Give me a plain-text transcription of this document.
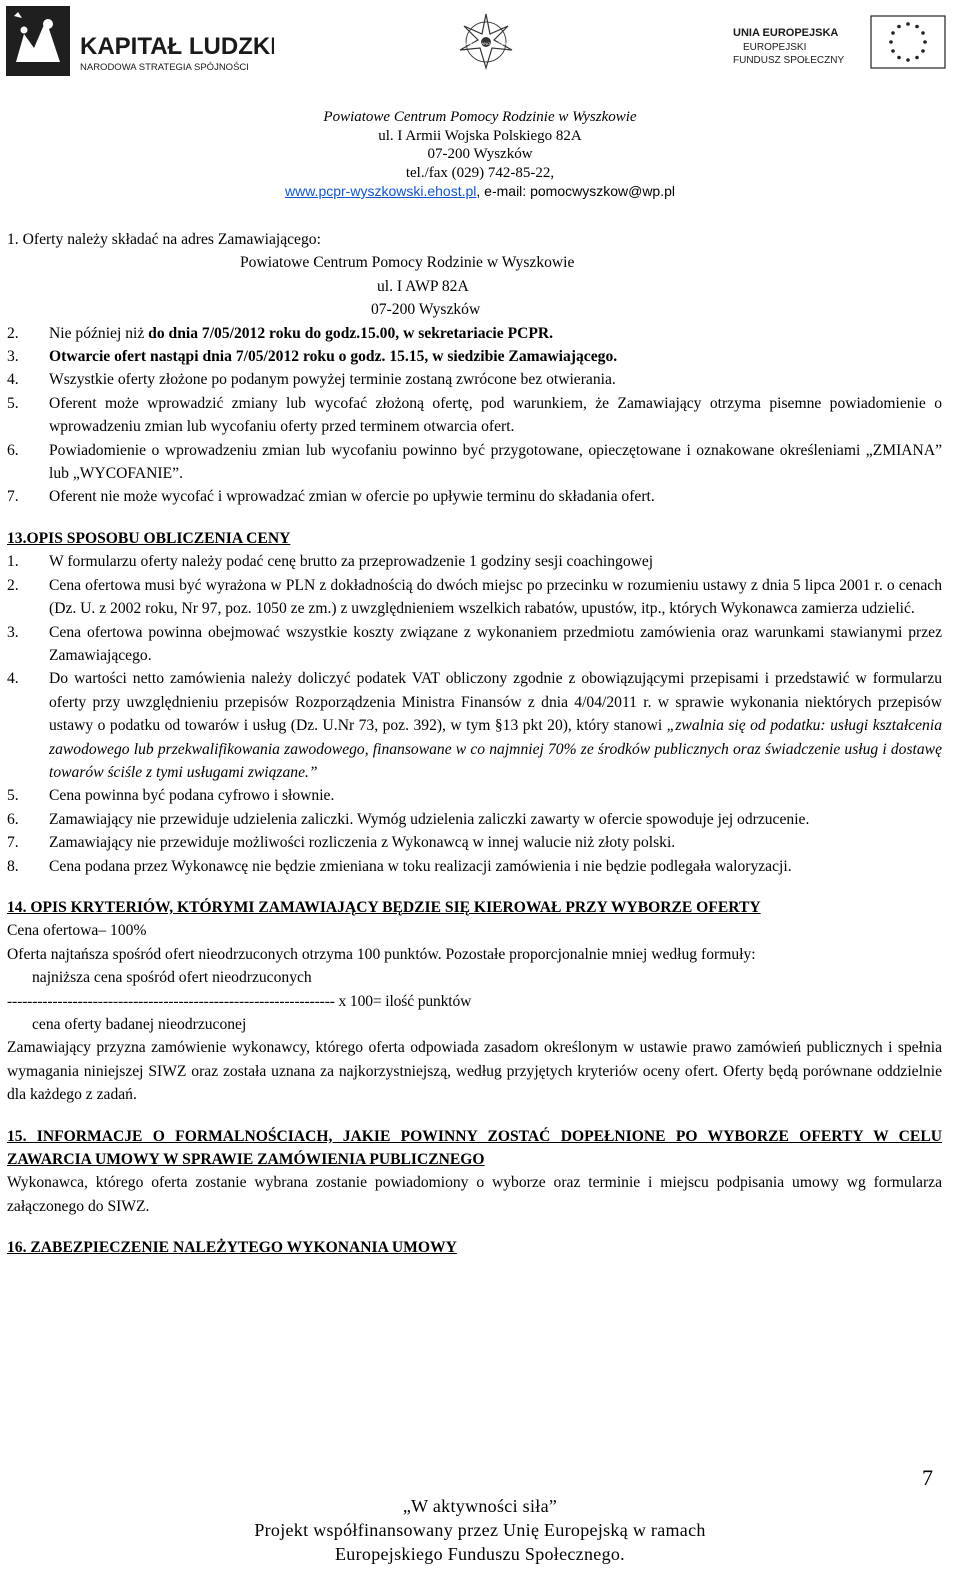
KAPITAŁ LUDZKI
NARODOWA STRATEGIA SPÓJNOŚCI
W AKTYWNOŚCI SIŁA
UNIA EUROPEJSKA
EUROPEJSKI
FUNDUSZ SPOŁECZNY
Powiatowe Centrum Pomocy Rodzinie w Wyszkowie
ul. I Armii Wojska Polskiego 82A
07-200 Wyszków
tel./fax (029) 742-85-22,
www.pcpr-wyszkowski.ehost.pl, e-mail: pomocwyszkow@wp.pl
1. Oferty należy składać na adres Zamawiającego:
Powiatowe Centrum Pomocy Rodzinie w Wyszkowie
ul. I AWP 82A
07-200 Wyszków
2.	Nie później niż do dnia 7/05/2012 roku do godz.15.00, w sekretariacie PCPR.
3.	Otwarcie ofert nastąpi dnia 7/05/2012 roku o godz. 15.15, w siedzibie Zamawiającego.
4.	Wszystkie oferty złożone po podanym powyżej terminie zostaną zwrócone bez otwierania.
5.	Oferent może wprowadzić zmiany lub wycofać złożoną ofertę, pod warunkiem, że Zamawiający otrzyma pisemne powiadomienie o wprowadzeniu zmian lub wycofaniu oferty przed terminem otwarcia ofert.
6.	Powiadomienie o wprowadzeniu zmian lub wycofaniu powinno być przygotowane, opieczętowane i oznakowane określeniami „ZMIANA” lub „WYCOFANIE”.
7.	Oferent nie może wycofać i wprowadzać zmian w ofercie po upływie terminu do składania ofert.
13.OPIS SPOSOBU OBLICZENIA CENY
1.	W formularzu oferty należy podać cenę brutto za przeprowadzenie 1 godziny sesji coachingowej
2.	Cena ofertowa musi być wyrażona w PLN z dokładnością do dwóch miejsc po przecinku w rozumieniu ustawy z dnia 5 lipca 2001 r. o cenach (Dz. U. z 2002 roku, Nr 97, poz. 1050 ze zm.) z uwzględnieniem wszelkich rabatów, upustów, itp., których Wykonawca zamierza udzielić.
3.	Cena ofertowa powinna obejmować wszystkie koszty związane z wykonaniem przedmiotu zamówienia oraz warunkami stawianymi przez Zamawiającego.
4.	Do wartości netto zamówienia należy doliczyć podatek VAT obliczony zgodnie z obowiązującymi przepisami i przedstawić w formularzu oferty przy uwzględnieniu przepisów Rozporządzenia Ministra Finansów z dnia 4/04/2011 r. w sprawie wykonania niektórych przepisów ustawy o podatku od towarów i usług (Dz. U.Nr 73, poz. 392), w tym §13 pkt 20), który stanowi „zwalnia się od podatku: usługi kształcenia zawodowego lub przekwalifikowania zawodowego, finansowane w co najmniej 70% ze środków publicznych oraz świadczenie usług i dostawę towarów ściśle z tymi usługami związane.”
5.	Cena powinna być podana cyfrowo i słownie.
6.	Zamawiający nie przewiduje udzielenia zaliczki. Wymóg udzielenia zaliczki zawarty w ofercie spowoduje jej odrzucenie.
7.	Zamawiający nie przewiduje możliwości rozliczenia z Wykonawcą w innej walucie niż złoty polski.
8.	Cena podana przez Wykonawcę nie będzie zmieniana w toku realizacji zamówienia i nie będzie podlegała waloryzacji.
14. OPIS KRYTERIÓW, KTÓRYMI ZAMAWIAJĄCY BĘDZIE SIĘ KIEROWAŁ PRZY WYBORZE OFERTY
Cena ofertowa– 100%
Oferta najtańsza spośród ofert nieodrzuconych otrzyma 100 punktów. Pozostałe proporcjonalnie mniej według formuły:
najniższa cena spośród ofert nieodrzuconych
----------------------------------------------------------------- x 100= ilość punktów
cena oferty badanej nieodrzuconej
Zamawiający przyzna zamówienie wykonawcy, którego oferta odpowiada zasadom określonym w ustawie prawo zamówień publicznych i spełnia wymagania niniejszej SIWZ oraz została uznana za najkorzystniejszą, według przyjętych kryteriów oceny ofert. Oferty będą porównane oddzielnie dla każdego z zadań.
15. INFORMACJE O FORMALNOŚCIACH, JAKIE POWINNY ZOSTAĆ DOPEŁNIONE PO WYBORZE OFERTY W CELU ZAWARCIA UMOWY W SPRAWIE ZAMÓWIENIA PUBLICZNEGO
Wykonawca, którego oferta zostanie wybrana zostanie powiadomiony o wyborze oraz terminie i miejscu podpisania umowy wg formularza załączonego do SIWZ.
16. ZABEZPIECZENIE NALEŻYTEGO WYKONANIA UMOWY
7
„W aktywności siła”
Projekt współfinansowany przez Unię Europejską w ramach
Europejskiego Funduszu Społecznego.
